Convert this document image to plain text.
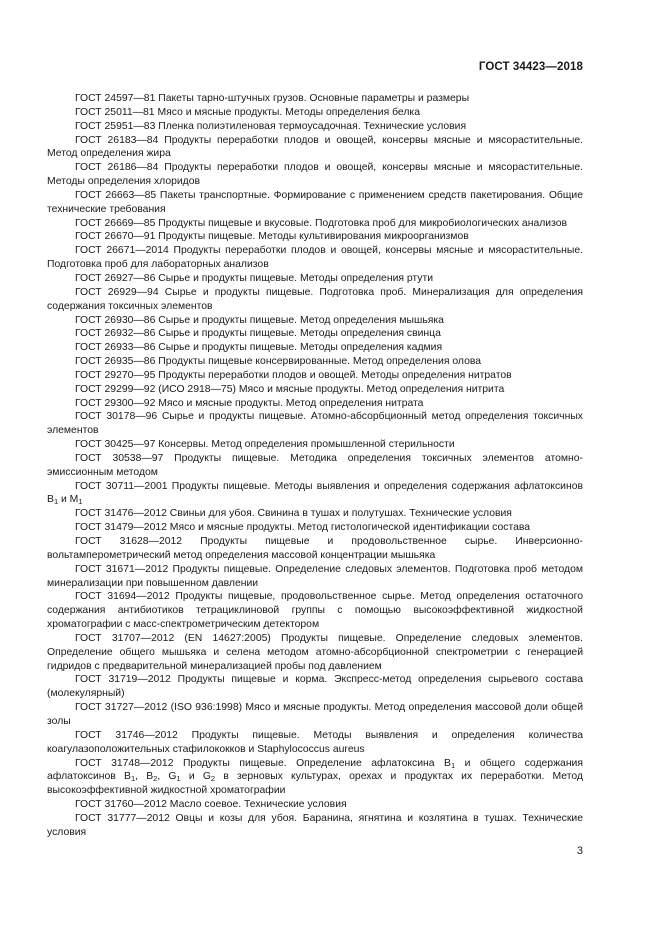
ГОСТ 34423—2018

ГОСТ 24597—81 Пакеты тарно-штучных грузов. Основные параметры и размеры

ГОСТ 25011—81 Мясо и мясные продукты. Методы определения белка

ГОСТ 25951—83 Пленка полиэтиленовая термоусадочная. Технические условия

ГОСТ 26183—84 Продукты переработки плодов и овощей, консервы мясные и мясорастительные. Метод определения жира

ГОСТ 26186—84 Продукты переработки плодов и овощей, консервы мясные и мясорастительные. Методы определения хлоридов

ГОСТ 26663—85 Пакеты транспортные. Формирование с применением средств пакетирования. Общие технические требования

ГОСТ 26669—85 Продукты пищевые и вкусовые. Подготовка проб для микробиологических анализов

ГОСТ 26670—91 Продукты пищевые. Методы культивирования микроорганизмов

ГОСТ 26671—2014 Продукты переработки плодов и овощей, консервы мясные и мясорастительные. Подготовка проб для лабораторных анализов

ГОСТ 26927—86 Сырье и продукты пищевые. Методы определения ртути

ГОСТ 26929—94 Сырье и продукты пищевые. Подготовка проб. Минерализация для определения содержания токсичных элементов

ГОСТ 26930—86 Сырье и продукты пищевые. Метод определения мышьяка

ГОСТ 26932—86 Сырье и продукты пищевые. Методы определения свинца

ГОСТ 26933—86 Сырье и продукты пищевые. Методы определения кадмия

ГОСТ 26935—86 Продукты пищевые консервированные. Метод определения олова

ГОСТ 29270—95 Продукты переработки плодов и овощей. Методы определения нитратов

ГОСТ 29299—92 (ИСО 2918—75) Мясо и мясные продукты. Метод определения нитрита

ГОСТ 29300—92 Мясо и мясные продукты. Метод определения нитрата

ГОСТ 30178—96 Сырье и продукты пищевые. Атомно-абсорбционный метод определения токсичных элементов

ГОСТ 30425—97 Консервы. Метод определения промышленной стерильности

ГОСТ 30538—97 Продукты пищевые. Методика определения токсичных элементов атомно-эмиссионным методом

ГОСТ 30711—2001 Продукты пищевые. Методы выявления и определения содержания афлатоксинов $B_1$ и $M_1$

ГОСТ 31476—2012 Свиньи для убоя. Свинина в тушах и полутушах. Технические условия

ГОСТ 31479—2012 Мясо и мясные продукты. Метод гистологической идентификации состава

ГОСТ 31628—2012 Продукты пищевые и продовольственное сырье. Инверсионно-вольтамперометрический метод определения массовой концентрации мышьяка

ГОСТ 31671—2012 Продукты пищевые. Определение следовых элементов. Подготовка проб методом минерализации при повышенном давлении

ГОСТ 31694—2012 Продукты пищевые, продовольственное сырье. Метод определения остаточного содержания антибиотиков тетрациклиновой группы с помощью высокоэффективной жидкостной хроматографии с масс-спектрометрическим детектором

ГОСТ 31707—2012 (EN 14627:2005) Продукты пищевые. Определение следовых элементов. Определение общего мышьяка и селена методом атомно-абсорбционной спектрометрии с генерацией гидридов с предварительной минерализацией пробы под давлением

ГОСТ 31719—2012 Продукты пищевые и корма. Экспресс-метод определения сырьевого состава (молекулярный)

ГОСТ 31727—2012 (ISO 936:1998) Мясо и мясные продукты. Метод определения массовой доли общей золы

ГОСТ 31746—2012 Продукты пищевые. Методы выявления и определения количества коагулазоположительных стафилококков и Staphylococcus aureus

ГОСТ 31748—2012 Продукты пищевые. Определение афлатоксина $B_1$ и общего содержания афлатоксинов $B_1$, $B_2$, $G_1$ и $G_2$ в зерновых культурах, орехах и продуктах их переработки. Метод высокоэффективной жидкостной хроматографии

ГОСТ 31760—2012 Масло соевое. Технические условия

ГОСТ 31777—2012 Овцы и козы для убоя. Баранина, ягнятина и козлятина в тушах. Технические условия

3
